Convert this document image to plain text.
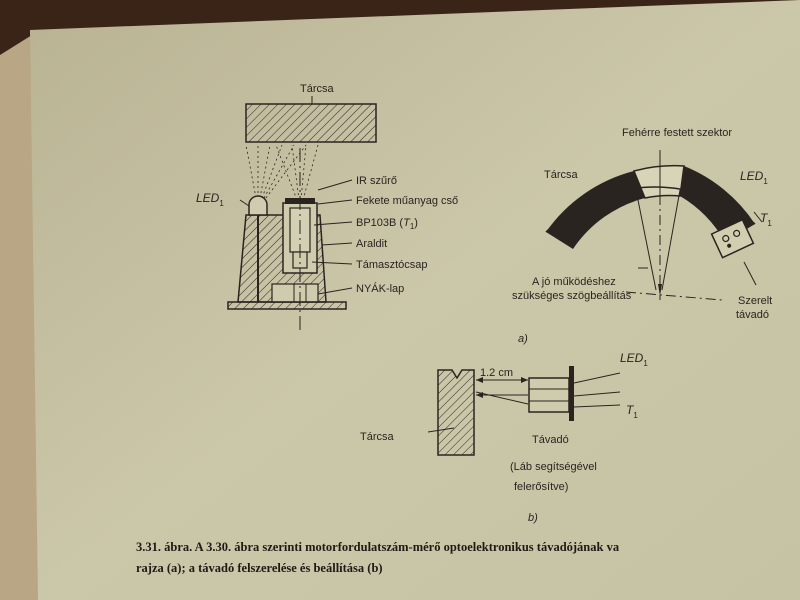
Tárcsa
$LED_1$
IR szűrő
Fekete műanyag cső
BP103B $(T_1)$
Araldit
Támasztócsap
NYÁK-lap
Fehérre festett szektor
Tárcsa	$LED_1$
$T_1$
A jó működéshez
szükséges szögbeállítás	Szerelt
távadó
a)
1.2 cm
$LED_1$
$T_1$
Tárcsa	Távadó
(Láb segítségével
felerősítve)
b)
3.31. ábra. A 3.30. ábra szerinti motorfordulatszám-mérő optoelektronikus távadójának va
rajza (a); a távadó felszerelése és beállítása (b)
